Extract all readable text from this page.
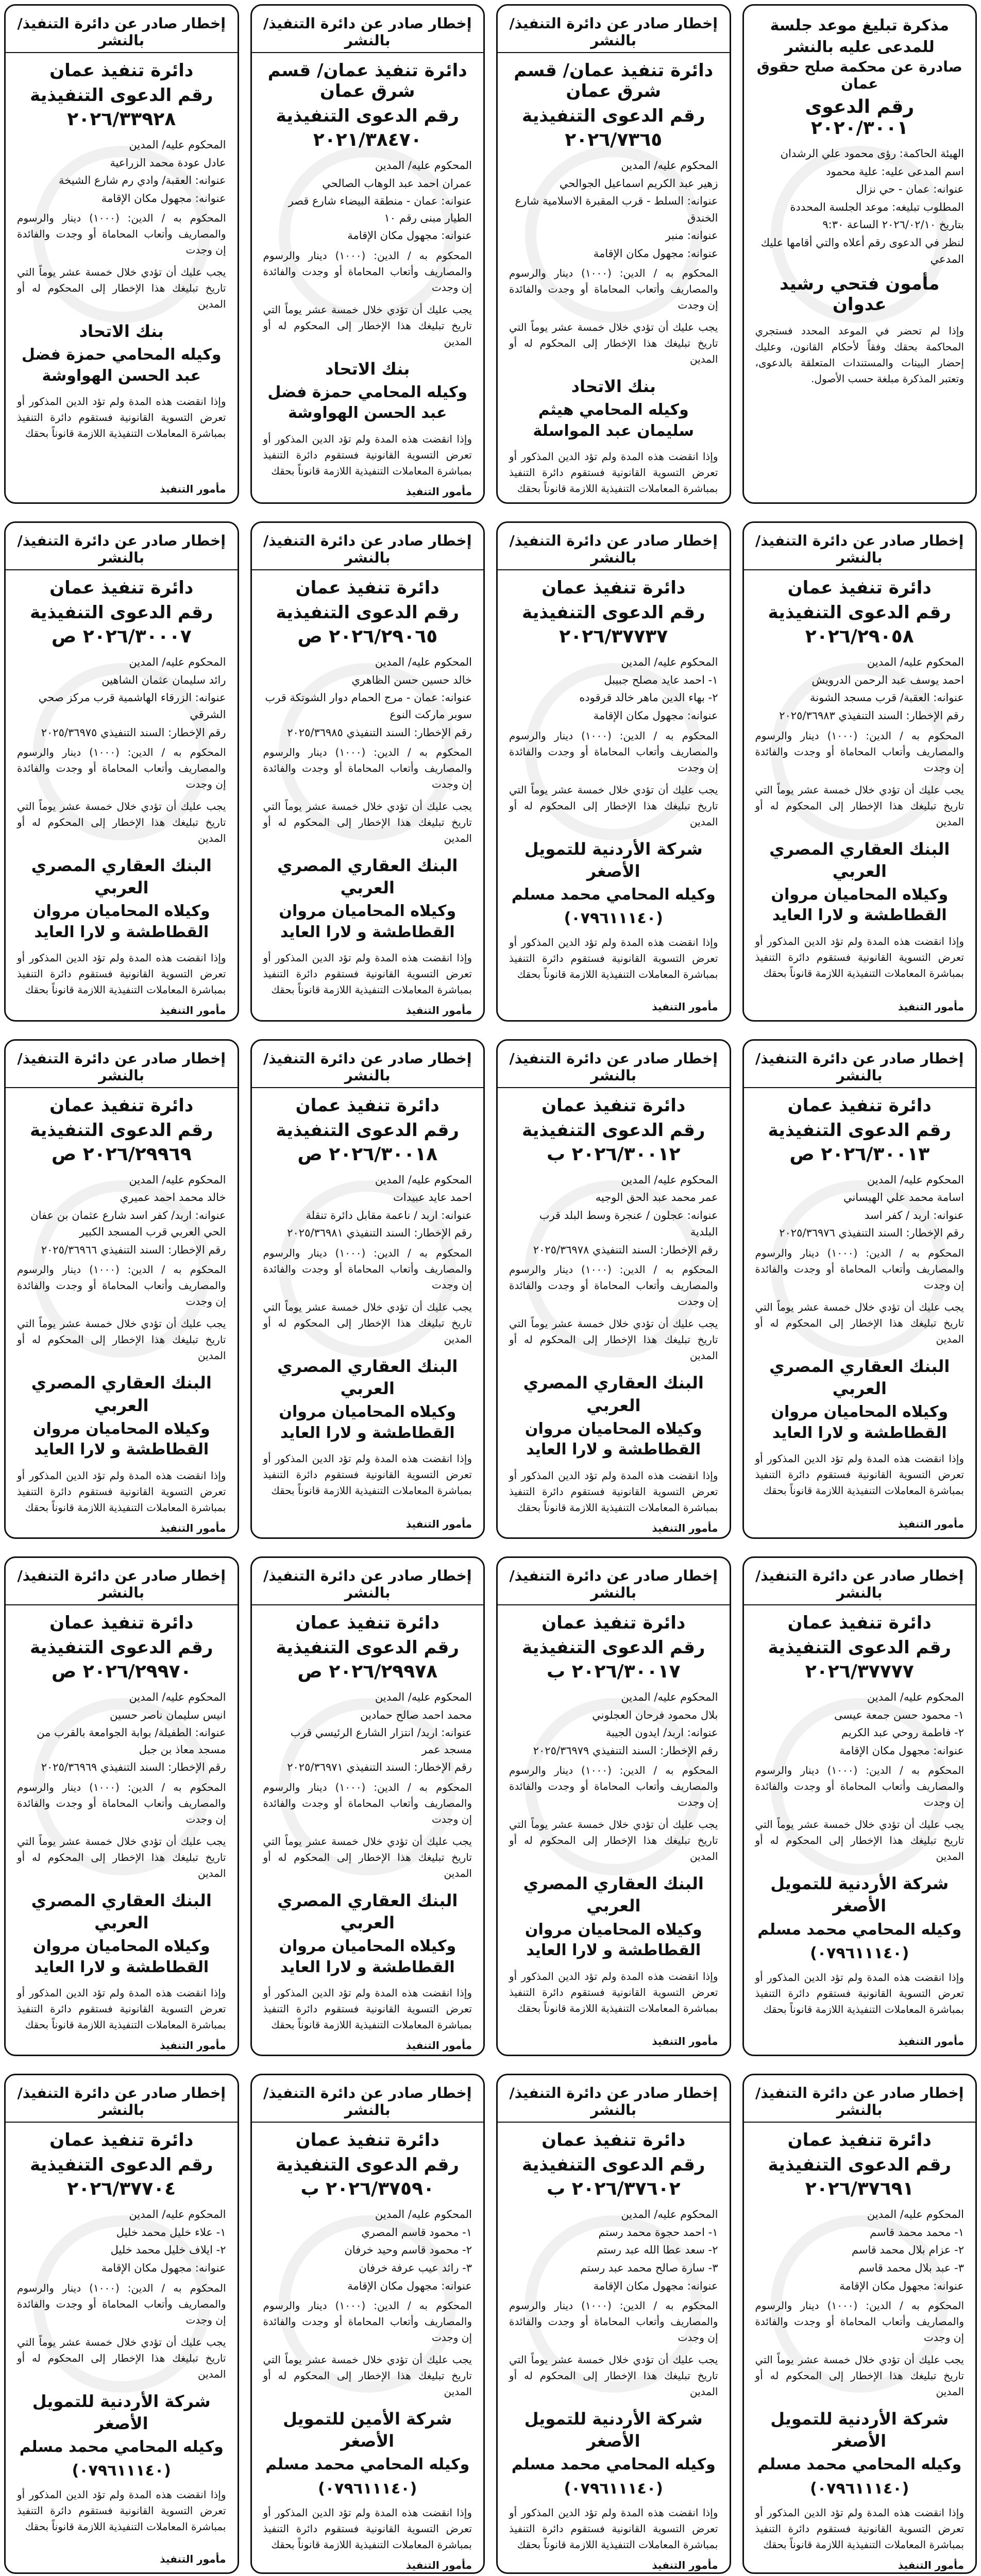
مذكرة تبليغ موعد جلسة للمدعى عليه بالنشر
صادرة عن محكمة صلح حقوق عمان
رقم الدعوى ٢٠٢٠/٣٠٠١
الهيئة الحاكمة: رؤى محمود علي الرشدان
اسم المدعى عليه: علية محمود
عنوانه: عمان - حي نزال
المطلوب تبليغه: موعد الجلسة المحددة
بتاريخ ٢٠٢٦/٠٢/١٠ الساعة ٩:٣٠
لنظر في الدعوى رقم أعلاه والتي أقامها عليك المدعي
مأمون فتحي رشيد عدوان
وإذا لم تحضر في الموعد المحدد فستجري المحاكمة بحقك وفقاً لأحكام القانون، وعليك إحضار البينات والمستندات المتعلقة بالدعوى، وتعتبر المذكرة مبلغة حسب الأصول.
إخطار صادر عن دائرة التنفيذ/ بالنشر
دائرة تنفيذ عمان/ قسم شرق عمان
رقم الدعوى التنفيذية
٢٠٢٦/٧٣٦٥
المحكوم عليه/ المدين
زهير عبد الكريم اسماعيل الجوالحي
عنوانه: السلط - قرب المقبرة الاسلامية شارع الخندق
عنوانه: منبر
عنوانه: مجهول مكان الإقامة
المحكوم به / الدين: (١٠٠٠) دينار والرسوم والمصاريف وأتعاب المحاماة أو وجدت والفائدة إن وجدت
يجب عليك أن تؤدي خلال خمسة عشر يوماً التي تاريخ تبليغك هذا الإخطار إلى المحكوم له أو المدين
بنك الاتحاد
وكيله المحامي هيثم سليمان عبد المواسلة
وإذا انقضت هذه المدة ولم تؤد الدين المذكور أو تعرض التسوية القانونية فستقوم دائرة التنفيذ بمباشرة المعاملات التنفيذية اللازمة قانوناً بحقك
إخطار صادر عن دائرة التنفيذ/ بالنشر
دائرة تنفيذ عمان/ قسم شرق عمان
رقم الدعوى التنفيذية
٢٠٢١/٣٨٤٧٠
المحكوم عليه/ المدين
عمران احمد عبد الوهاب الصالحي
عنوانه: عمان - منطقة البيضاء شارع قصر الطيار مبنى رقم ١٠
عنوانه: مجهول مكان الإقامة
المحكوم به / الدين: (١٠٠٠) دينار والرسوم والمصاريف وأتعاب المحاماة أو وجدت والفائدة إن وجدت
يجب عليك أن تؤدي خلال خمسة عشر يوماً التي تاريخ تبليغك هذا الإخطار إلى المحكوم له أو المدين
بنك الاتحاد
وكيله المحامي حمزة فضل عبد الحسن الهواوشة
وإذا انقضت هذه المدة ولم تؤد الدين المذكور أو تعرض التسوية القانونية فستقوم دائرة التنفيذ بمباشرة المعاملات التنفيذية اللازمة قانوناً بحقك
مأمور التنفيذ
إخطار صادر عن دائرة التنفيذ/ بالنشر
دائرة تنفيذ عمان
رقم الدعوى التنفيذية
٢٠٢٦/٣٣٩٢٨
المحكوم عليه/ المدين
عادل عودة محمد الزراعية
عنوانه: العقبة/ وادي رم شارع الشيخة
عنوانه: مجهول مكان الإقامة
المحكوم به / الدين: (١٠٠٠) دينار والرسوم والمصاريف وأتعاب المحاماة أو وجدت والفائدة إن وجدت
يجب عليك أن تؤدي خلال خمسة عشر يوماً التي تاريخ تبليغك هذا الإخطار إلى المحكوم له أو المدين
بنك الاتحاد
وكيله المحامي حمزة فضل عبد الحسن الهواوشة
وإذا انقضت هذه المدة ولم تؤد الدين المذكور أو تعرض التسوية القانونية فستقوم دائرة التنفيذ بمباشرة المعاملات التنفيذية اللازمة قانوناً بحقك
مأمور التنفيذ
إخطار صادر عن دائرة التنفيذ/ بالنشر
دائرة تنفيذ عمان
رقم الدعوى التنفيذية
٢٠٢٦/٢٩٠٥٨
المحكوم عليه/ المدين
احمد يوسف عبد الرحمن الدرويش
عنوانه: العقبة/ قرب مسجد الشونة
رقم الإخطار: السند التنفيذي ٢٠٢٥/٣٦٩٨٣
المحكوم به / الدين: (١٠٠٠) دينار والرسوم والمصاريف وأتعاب المحاماة أو وجدت والفائدة إن وجدت
يجب عليك أن تؤدي خلال خمسة عشر يوماً التي تاريخ تبليغك هذا الإخطار إلى المحكوم له أو المدين
البنك العقاري المصري العربي
وكيلاه المحاميان مروان القطاطشة و لارا العايد
وإذا انقضت هذه المدة ولم تؤد الدين المذكور أو تعرض التسوية القانونية فستقوم دائرة التنفيذ بمباشرة المعاملات التنفيذية اللازمة قانوناً بحقك
مأمور التنفيذ
إخطار صادر عن دائرة التنفيذ/ بالنشر
دائرة تنفيذ عمان
رقم الدعوى التنفيذية
٢٠٢٦/٣٧٧٣٧
المحكوم عليه/ المدين
١- احمد عايد مصلح جبيبل
٢- بهاء الدين ماهر خالد قرقوده
عنوانه: مجهول مكان الإقامة
المحكوم به / الدين: (١٠٠٠) دينار والرسوم والمصاريف وأتعاب المحاماة أو وجدت والفائدة إن وجدت
يجب عليك أن تؤدي خلال خمسة عشر يوماً التي تاريخ تبليغك هذا الإخطار إلى المحكوم له أو المدين
شركة الأردنية للتمويل الأصغر
وكيله المحامي محمد مسلم
(٠٧٩٦١١١٤٠)
وإذا انقضت هذه المدة ولم تؤد الدين المذكور أو تعرض التسوية القانونية فستقوم دائرة التنفيذ بمباشرة المعاملات التنفيذية اللازمة قانوناً بحقك
مأمور التنفيذ
إخطار صادر عن دائرة التنفيذ/ بالنشر
دائرة تنفيذ عمان
رقم الدعوى التنفيذية
٢٠٢٦/٢٩٠٦٥ ص
المحكوم عليه/ المدين
خالد حسين حسن الظاهري
عنوانه: عمان - مرج الحمام دوار الشوتكة قرب سوبر ماركت النوع
رقم الإخطار: السند التنفيذي ٢٠٢٥/٣٦٩٨٥
المحكوم به / الدين: (١٠٠٠) دينار والرسوم والمصاريف وأتعاب المحاماة أو وجدت والفائدة إن وجدت
يجب عليك أن تؤدي خلال خمسة عشر يوماً التي تاريخ تبليغك هذا الإخطار إلى المحكوم له أو المدين
البنك العقاري المصري العربي
وكيلاه المحاميان مروان القطاطشة و لارا العايد
وإذا انقضت هذه المدة ولم تؤد الدين المذكور أو تعرض التسوية القانونية فستقوم دائرة التنفيذ بمباشرة المعاملات التنفيذية اللازمة قانوناً بحقك
مأمور التنفيذ
إخطار صادر عن دائرة التنفيذ/ بالنشر
دائرة تنفيذ عمان
رقم الدعوى التنفيذية
٢٠٢٦/٣٠٠٠٧ ص
المحكوم عليه/ المدين
رائد سليمان عثمان الشاهين
عنوانه: الزرقاء الهاشمية قرب مركز صحي الشرقي
رقم الإخطار: السند التنفيذي ٢٠٢٥/٣٦٩٧٥
المحكوم به / الدين: (١٠٠٠) دينار والرسوم والمصاريف وأتعاب المحاماة أو وجدت والفائدة إن وجدت
يجب عليك أن تؤدي خلال خمسة عشر يوماً التي تاريخ تبليغك هذا الإخطار إلى المحكوم له أو المدين
البنك العقاري المصري العربي
وكيلاه المحاميان مروان القطاطشة و لارا العايد
وإذا انقضت هذه المدة ولم تؤد الدين المذكور أو تعرض التسوية القانونية فستقوم دائرة التنفيذ بمباشرة المعاملات التنفيذية اللازمة قانوناً بحقك
مأمور التنفيذ
إخطار صادر عن دائرة التنفيذ/ بالنشر
دائرة تنفيذ عمان
رقم الدعوى التنفيذية
٢٠٢٦/٣٠٠١٣ ص
المحكوم عليه/ المدين
اسامة محمد علي الهيساني
عنوانه: اربد / كفر اسد
رقم الإخطار: السند التنفيذي ٢٠٢٥/٣٦٩٧٦
المحكوم به / الدين: (١٠٠٠) دينار والرسوم والمصاريف وأتعاب المحاماة أو وجدت والفائدة إن وجدت
يجب عليك أن تؤدي خلال خمسة عشر يوماً التي تاريخ تبليغك هذا الإخطار إلى المحكوم له أو المدين
البنك العقاري المصري العربي
وكيلاه المحاميان مروان القطاطشة و لارا العايد
وإذا انقضت هذه المدة ولم تؤد الدين المذكور أو تعرض التسوية القانونية فستقوم دائرة التنفيذ بمباشرة المعاملات التنفيذية اللازمة قانوناً بحقك
مأمور التنفيذ
إخطار صادر عن دائرة التنفيذ/ بالنشر
دائرة تنفيذ عمان
رقم الدعوى التنفيذية
٢٠٢٦/٣٠٠١٢ ب
المحكوم عليه/ المدين
عمر محمد عبد الحق الوجيه
عنوانه: عجلون / عنجرة وسط البلد قرب البلدية
رقم الإخطار: السند التنفيذي ٢٠٢٥/٣٦٩٧٨
المحكوم به / الدين: (١٠٠٠) دينار والرسوم والمصاريف وأتعاب المحاماة أو وجدت والفائدة إن وجدت
يجب عليك أن تؤدي خلال خمسة عشر يوماً التي تاريخ تبليغك هذا الإخطار إلى المحكوم له أو المدين
البنك العقاري المصري العربي
وكيلاه المحاميان مروان القطاطشة و لارا العايد
وإذا انقضت هذه المدة ولم تؤد الدين المذكور أو تعرض التسوية القانونية فستقوم دائرة التنفيذ بمباشرة المعاملات التنفيذية اللازمة قانوناً بحقك
مأمور التنفيذ
إخطار صادر عن دائرة التنفيذ/ بالنشر
دائرة تنفيذ عمان
رقم الدعوى التنفيذية
٢٠٢٦/٣٠٠١٨ ص
المحكوم عليه/ المدين
احمد عايد عبيدات
عنوانه: اربد / ناعمة مقابل دائرة تنقلة
رقم الإخطار: السند التنفيذي ٢٠٢٥/٣٦٩٨١
المحكوم به / الدين: (١٠٠٠) دينار والرسوم والمصاريف وأتعاب المحاماة أو وجدت والفائدة إن وجدت
يجب عليك أن تؤدي خلال خمسة عشر يوماً التي تاريخ تبليغك هذا الإخطار إلى المحكوم له أو المدين
البنك العقاري المصري العربي
وكيلاه المحاميان مروان القطاطشة و لارا العايد
وإذا انقضت هذه المدة ولم تؤد الدين المذكور أو تعرض التسوية القانونية فستقوم دائرة التنفيذ بمباشرة المعاملات التنفيذية اللازمة قانوناً بحقك
مأمور التنفيذ
إخطار صادر عن دائرة التنفيذ/ بالنشر
دائرة تنفيذ عمان
رقم الدعوى التنفيذية
٢٠٢٦/٢٩٩٦٩ ص
المحكوم عليه/ المدين
خالد محمد احمد عميري
عنوانه: اربد/ كفر اسد شارع عثمان بن عفان الحي العربي قرب المسجد الكبير
رقم الإخطار: السند التنفيذي ٢٠٢٥/٣٦٩٦٦
المحكوم به / الدين: (١٠٠٠) دينار والرسوم والمصاريف وأتعاب المحاماة أو وجدت والفائدة إن وجدت
يجب عليك أن تؤدي خلال خمسة عشر يوماً التي تاريخ تبليغك هذا الإخطار إلى المحكوم له أو المدين
البنك العقاري المصري العربي
وكيلاه المحاميان مروان القطاطشة و لارا العايد
وإذا انقضت هذه المدة ولم تؤد الدين المذكور أو تعرض التسوية القانونية فستقوم دائرة التنفيذ بمباشرة المعاملات التنفيذية اللازمة قانوناً بحقك
مأمور التنفيذ
إخطار صادر عن دائرة التنفيذ/ بالنشر
دائرة تنفيذ عمان
رقم الدعوى التنفيذية
٢٠٢٦/٣٧٧٧٧
المحكوم عليه/ المدين
١- محمود حسن جمعة عيسى
٢- فاطمة روحي عبد الكريم
عنوانه: مجهول مكان الإقامة
المحكوم به / الدين: (١٠٠٠) دينار والرسوم والمصاريف وأتعاب المحاماة أو وجدت والفائدة إن وجدت
يجب عليك أن تؤدي خلال خمسة عشر يوماً التي تاريخ تبليغك هذا الإخطار إلى المحكوم له أو المدين
شركة الأردنية للتمويل الأصغر
وكيله المحامي محمد مسلم
(٠٧٩٦١١١٤٠)
وإذا انقضت هذه المدة ولم تؤد الدين المذكور أو تعرض التسوية القانونية فستقوم دائرة التنفيذ بمباشرة المعاملات التنفيذية اللازمة قانوناً بحقك
مأمور التنفيذ
إخطار صادر عن دائرة التنفيذ/ بالنشر
دائرة تنفيذ عمان
رقم الدعوى التنفيذية
٢٠٢٦/٣٠٠١٧ ب
المحكوم عليه/ المدين
بلال محمود فرحان العجلوني
عنوانه: اربد/ ايدون الجيبة
رقم الإخطار: السند التنفيذي ٢٠٢٥/٣٦٩٧٩
المحكوم به / الدين: (١٠٠٠) دينار والرسوم والمصاريف وأتعاب المحاماة أو وجدت والفائدة إن وجدت
يجب عليك أن تؤدي خلال خمسة عشر يوماً التي تاريخ تبليغك هذا الإخطار إلى المحكوم له أو المدين
البنك العقاري المصري العربي
وكيلاه المحاميان مروان القطاطشة و لارا العايد
وإذا انقضت هذه المدة ولم تؤد الدين المذكور أو تعرض التسوية القانونية فستقوم دائرة التنفيذ بمباشرة المعاملات التنفيذية اللازمة قانوناً بحقك
مأمور التنفيذ
إخطار صادر عن دائرة التنفيذ/ بالنشر
دائرة تنفيذ عمان
رقم الدعوى التنفيذية
٢٠٢٦/٢٩٩٧٨ ص
المحكوم عليه/ المدين
محمد احمد صالح حمادين
عنوانه: اربد/ انتزار الشارع الرئيسي قرب مسجد عمر
رقم الإخطار: السند التنفيذي ٢٠٢٥/٣٦٩٧١
المحكوم به / الدين: (١٠٠٠) دينار والرسوم والمصاريف وأتعاب المحاماة أو وجدت والفائدة إن وجدت
يجب عليك أن تؤدي خلال خمسة عشر يوماً التي تاريخ تبليغك هذا الإخطار إلى المحكوم له أو المدين
البنك العقاري المصري العربي
وكيلاه المحاميان مروان القطاطشة و لارا العايد
وإذا انقضت هذه المدة ولم تؤد الدين المذكور أو تعرض التسوية القانونية فستقوم دائرة التنفيذ بمباشرة المعاملات التنفيذية اللازمة قانوناً بحقك
مأمور التنفيذ
إخطار صادر عن دائرة التنفيذ/ بالنشر
دائرة تنفيذ عمان
رقم الدعوى التنفيذية
٢٠٢٦/٢٩٩٧٠ ص
المحكوم عليه/ المدين
انيس سليمان ناصر حسين
عنوانه: الطفيلة/ بوابة الجوامعة بالقرب من مسجد معاذ بن جبل
رقم الإخطار: السند التنفيذي ٢٠٢٥/٣٦٩٦٩
المحكوم به / الدين: (١٠٠٠) دينار والرسوم والمصاريف وأتعاب المحاماة أو وجدت والفائدة إن وجدت
يجب عليك أن تؤدي خلال خمسة عشر يوماً التي تاريخ تبليغك هذا الإخطار إلى المحكوم له أو المدين
البنك العقاري المصري العربي
وكيلاه المحاميان مروان القطاطشة و لارا العايد
وإذا انقضت هذه المدة ولم تؤد الدين المذكور أو تعرض التسوية القانونية فستقوم دائرة التنفيذ بمباشرة المعاملات التنفيذية اللازمة قانوناً بحقك
مأمور التنفيذ
إخطار صادر عن دائرة التنفيذ/ بالنشر
دائرة تنفيذ عمان
رقم الدعوى التنفيذية
٢٠٢٦/٣٧٦٩١
المحكوم عليه/ المدين
١- محمد محمد قاسم
٢- عزام بلال محمد قاسم
٣- عبد بلال محمد قاسم
عنوانه: مجهول مكان الإقامة
المحكوم به / الدين: (١٠٠٠) دينار والرسوم والمصاريف وأتعاب المحاماة أو وجدت والفائدة إن وجدت
يجب عليك أن تؤدي خلال خمسة عشر يوماً التي تاريخ تبليغك هذا الإخطار إلى المحكوم له أو المدين
شركة الأردنية للتمويل الأصغر
وكيله المحامي محمد مسلم
(٠٧٩٦١١١٤٠)
وإذا انقضت هذه المدة ولم تؤد الدين المذكور أو تعرض التسوية القانونية فستقوم دائرة التنفيذ بمباشرة المعاملات التنفيذية اللازمة قانوناً بحقك
مأمور التنفيذ
إخطار صادر عن دائرة التنفيذ/ بالنشر
دائرة تنفيذ عمان
رقم الدعوى التنفيذية
٢٠٢٦/٣٧٦٠٢ ب
المحكوم عليه/ المدين
١- احمد حجوة محمد رستم
٢- سعد عطا الله عبد رستم
٣- سارة صالح محمد عبد رستم
عنوانه: مجهول مكان الإقامة
المحكوم به / الدين: (١٠٠٠) دينار والرسوم والمصاريف وأتعاب المحاماة أو وجدت والفائدة إن وجدت
يجب عليك أن تؤدي خلال خمسة عشر يوماً التي تاريخ تبليغك هذا الإخطار إلى المحكوم له أو المدين
شركة الأردنية للتمويل الأصغر
وكيله المحامي محمد مسلم
(٠٧٩٦١١١٤٠)
وإذا انقضت هذه المدة ولم تؤد الدين المذكور أو تعرض التسوية القانونية فستقوم دائرة التنفيذ بمباشرة المعاملات التنفيذية اللازمة قانوناً بحقك
مأمور التنفيذ
إخطار صادر عن دائرة التنفيذ/ بالنشر
دائرة تنفيذ عمان
رقم الدعوى التنفيذية
٢٠٢٦/٣٧٥٩٠ ب
المحكوم عليه/ المدين
١- محمود قاسم المصري
٢- محمود قاسم وحيد خرفان
٣- رائد عيب عرفة خرفان
عنوانه: مجهول مكان الإقامة
المحكوم به / الدين: (١٠٠٠) دينار والرسوم والمصاريف وأتعاب المحاماة أو وجدت والفائدة إن وجدت
يجب عليك أن تؤدي خلال خمسة عشر يوماً التي تاريخ تبليغك هذا الإخطار إلى المحكوم له أو المدين
شركة الأمين للتمويل الأصغر
وكيله المحامي محمد مسلم
(٠٧٩٦١١١٤٠)
وإذا انقضت هذه المدة ولم تؤد الدين المذكور أو تعرض التسوية القانونية فستقوم دائرة التنفيذ بمباشرة المعاملات التنفيذية اللازمة قانوناً بحقك
مأمور التنفيذ
إخطار صادر عن دائرة التنفيذ/ بالنشر
دائرة تنفيذ عمان
رقم الدعوى التنفيذية
٢٠٢٦/٣٧٧٠٤
المحكوم عليه/ المدين
١- علاء خليل محمد خليل
٢- ايلاف خليل محمد خليل
عنوانه: مجهول مكان الإقامة
المحكوم به / الدين: (١٠٠٠) دينار والرسوم والمصاريف وأتعاب المحاماة أو وجدت والفائدة إن وجدت
يجب عليك أن تؤدي خلال خمسة عشر يوماً التي تاريخ تبليغك هذا الإخطار إلى المحكوم له أو المدين
شركة الأردنية للتمويل الأصغر
وكيله المحامي محمد مسلم
(٠٧٩٦١١١٤٠)
وإذا انقضت هذه المدة ولم تؤد الدين المذكور أو تعرض التسوية القانونية فستقوم دائرة التنفيذ بمباشرة المعاملات التنفيذية اللازمة قانوناً بحقك
مأمور التنفيذ
